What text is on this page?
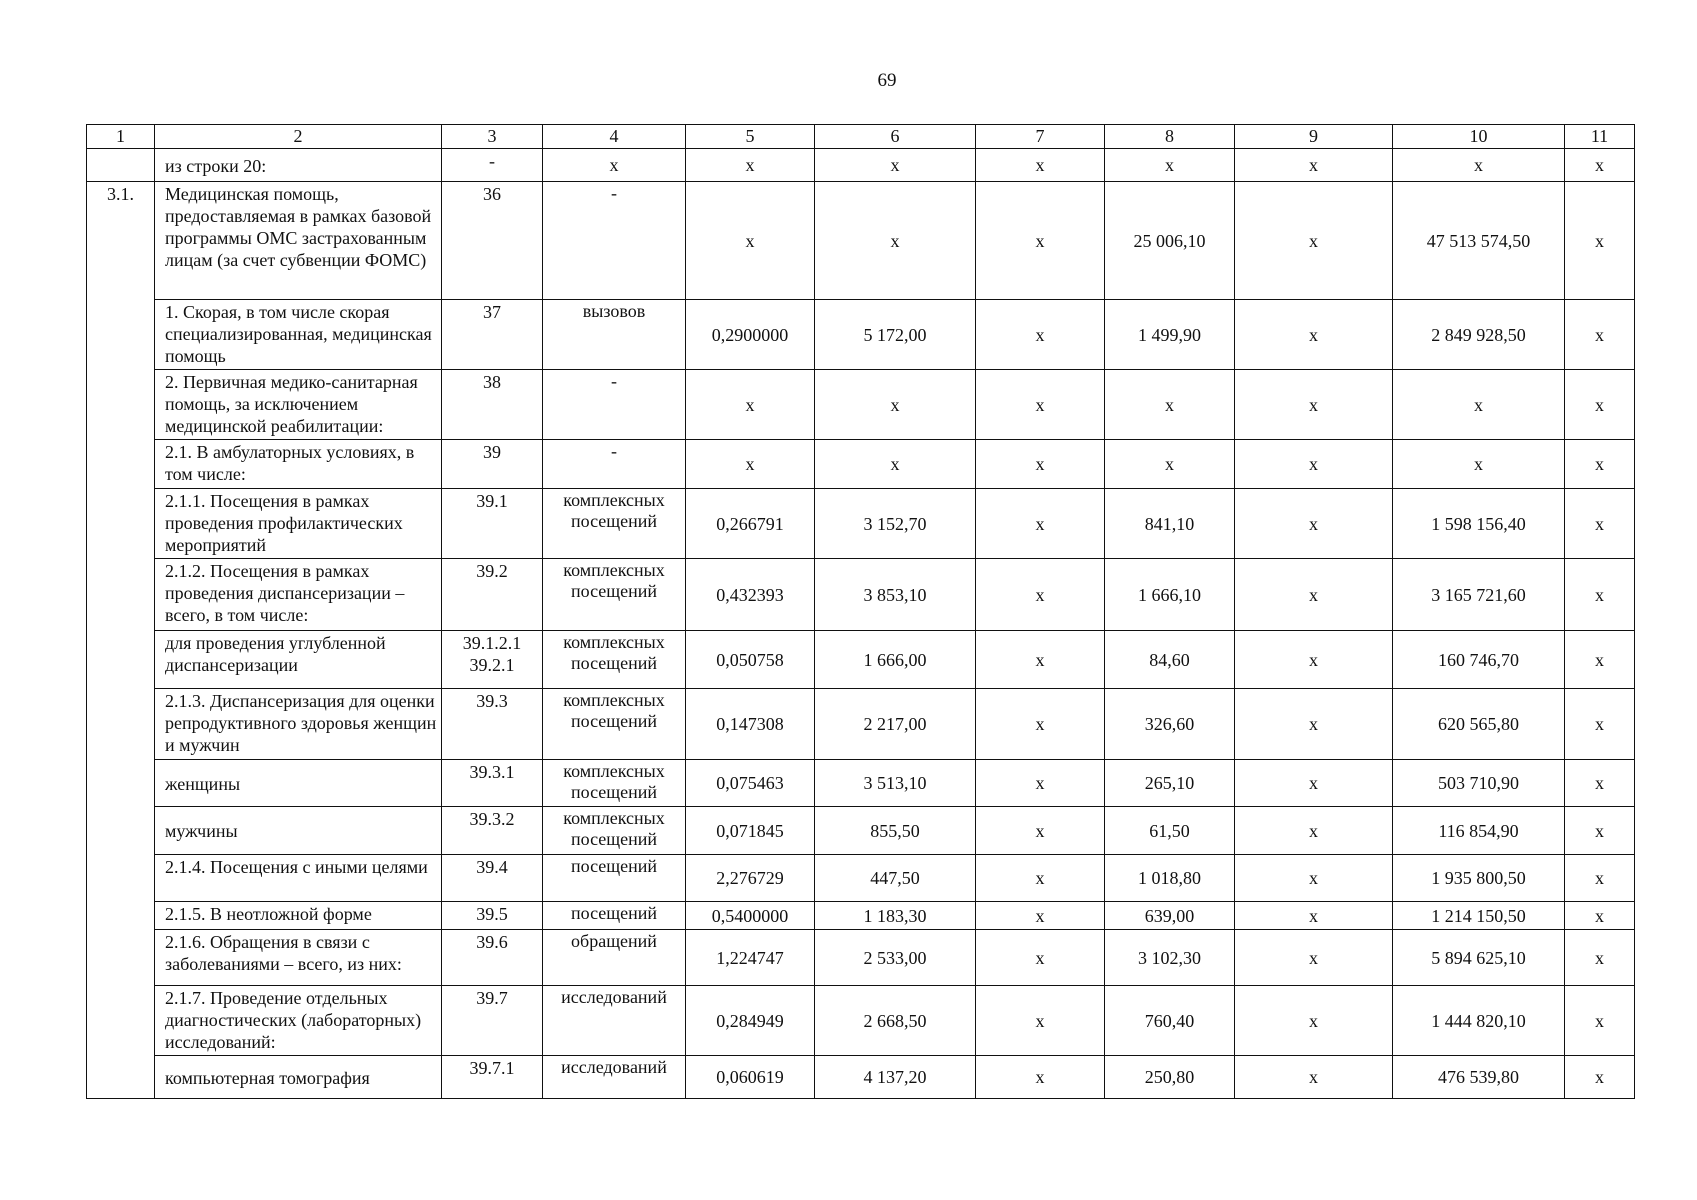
69
1	2	3	4	5	6	7	8	9	10	11
	из строки 20:	-	х	х	х	х	х	х	х	х
3.1.	Медицинская помощь, предоставляемая в рамках базовой программы ОМС застрахованным лицам (за счет субвенции ФОМС)	36	-	х	х	х	25 006,10	х	47 513 574,50	х
	1. Скорая, в том числе скорая специализированная, медицинская помощь	37	вызовов	0,2900000	5 172,00	х	1 499,90	х	2 849 928,50	х
	2. Первичная медико-санитарная помощь, за исключением медицинской реабилитации:	38	-	х	х	х	х	х	х	х
	2.1. В амбулаторных условиях, в том числе:	39	-	х	х	х	х	х	х	х
	2.1.1. Посещения в рамках проведения профилактических мероприятий	39.1	комплексных посещений	0,266791	3 152,70	х	841,10	х	1 598 156,40	х
	2.1.2. Посещения в рамках проведения диспансеризации – всего, в том числе:	39.2	комплексных посещений	0,432393	3 853,10	х	1 666,10	х	3 165 721,60	х
	для проведения углубленной диспансеризации	39.1.2.1 39.2.1	комплексных посещений	0,050758	1 666,00	х	84,60	х	160 746,70	х
	2.1.3. Диспансеризация для оценки репродуктивного здоровья женщин и мужчин	39.3	комплексных посещений	0,147308	2 217,00	х	326,60	х	620 565,80	х
	женщины	39.3.1	комплексных посещений	0,075463	3 513,10	х	265,10	х	503 710,90	х
	мужчины	39.3.2	комплексных посещений	0,071845	855,50	х	61,50	х	116 854,90	х
	2.1.4. Посещения с иными целями	39.4	посещений	2,276729	447,50	х	1 018,80	х	1 935 800,50	х
	2.1.5. В неотложной форме	39.5	посещений	0,5400000	1 183,30	х	639,00	х	1 214 150,50	х
	2.1.6. Обращения в связи с заболеваниями – всего, из них:	39.6	обращений	1,224747	2 533,00	х	3 102,30	х	5 894 625,10	х
	2.1.7. Проведение отдельных диагностических (лабораторных) исследований:	39.7	исследований	0,284949	2 668,50	х	760,40	х	1 444 820,10	х
	компьютерная томография	39.7.1	исследований	0,060619	4 137,20	х	250,80	х	476 539,80	х
